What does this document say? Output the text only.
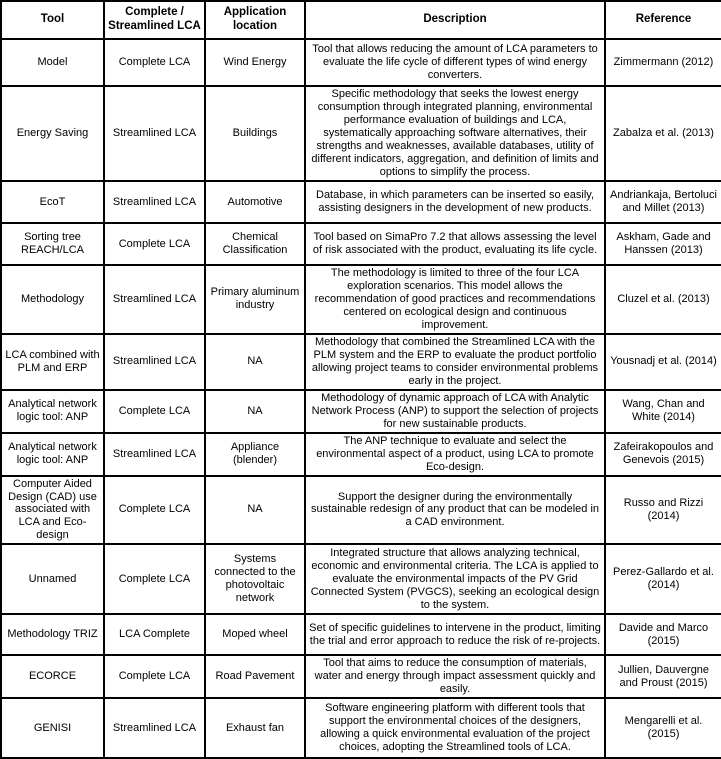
Tool	Complete / Streamlined LCA	Application location	Description	Reference
Model	Complete LCA	Wind Energy	Tool that allows reducing the amount of LCA parameters to evaluate the life cycle of different types of wind energy converters.	Zimmermann (2012)
Energy Saving	Streamlined LCA	Buildings	Specific methodology that seeks the lowest energy consumption through integrated planning, environmental performance evaluation of buildings and LCA, systematically approaching software alternatives, their strengths and weaknesses, available databases, utility of different indicators, aggregation, and definition of limits and options to simplify the process.	Zabalza et al. (2013)
EcoT	Streamlined LCA	Automotive	Database, in which parameters can be inserted so easily, assisting designers in the development of new products.	Andriankaja, Bertoluci and Millet (2013)
Sorting tree REACH/LCA	Complete LCA	Chemical Classification	Tool based on SimaPro 7.2 that allows assessing the level of risk associated with the product, evaluating its life cycle.	Askham, Gade and Hanssen (2013)
Methodology	Streamlined LCA	Primary aluminum industry	The methodology is limited to three of the four LCA exploration scenarios. This model allows the recommendation of good practices and recommendations centered on ecological design and continuous improvement.	Cluzel et al. (2013)
LCA combined with PLM and ERP	Streamlined LCA	NA	Methodology that combined the Streamlined LCA with the PLM system and the ERP to evaluate the product portfolio allowing project teams to consider environmental problems early in the project.	Yousnadj et al. (2014)
Analytical network logic tool: ANP	Complete LCA	NA	Methodology of dynamic approach of LCA with Analytic Network Process (ANP) to support the selection of projects for new sustainable products.	Wang, Chan and White (2014)
Analytical network logic tool: ANP	Streamlined LCA	Appliance (blender)	The ANP technique to evaluate and select the environmental aspect of a product, using LCA to promote Eco-design.	Zafeirakopoulos and Genevois (2015)
Computer Aided Design (CAD) use associated with LCA and Eco-design	Complete LCA	NA	Support the designer during the environmentally sustainable redesign of any product that can be modeled in a CAD environment.	Russo and Rizzi (2014)
Unnamed	Complete LCA	Systems connected to the photovoltaic network	Integrated structure that allows analyzing technical, economic and environmental criteria. The LCA is applied to evaluate the environmental impacts of the PV Grid Connected System (PVGCS), seeking an ecological design to the system.	Perez-Gallardo et al. (2014)
Methodology TRIZ	LCA Complete	Moped wheel	Set of specific guidelines to intervene in the product, limiting the trial and error approach to reduce the risk of re-projects.	Davide and Marco (2015)
ECORCE	Complete LCA	Road Pavement	Tool that aims to reduce the consumption of materials, water and energy through impact assessment quickly and easily.	Jullien, Dauvergne and Proust (2015)
GENISI	Streamlined LCA	Exhaust fan	Software engineering platform with different tools that support the environmental choices of the designers, allowing a quick environmental evaluation of the project choices, adopting the Streamlined tools of LCA.	Mengarelli et al. (2015)
